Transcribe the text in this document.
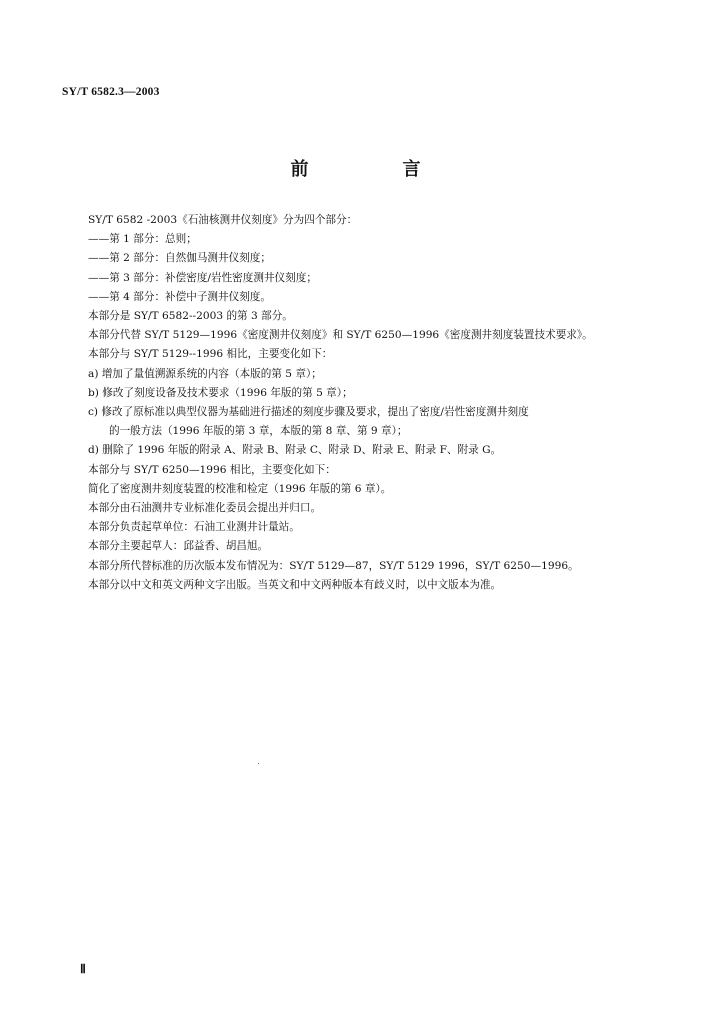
SY/T 6582.3—2003
前　言

SY/T 6582 -2003《石油核测井仪刻度》分为四个部分：

——第 1 部分：总则；

——第 2 部分：自然伽马测井仪刻度；

——第 3 部分：补偿密度/岩性密度测井仪刻度；

——第 4 部分：补偿中子测井仪刻度。

本部分是 SY/T 6582--2003 的第 3 部分。

本部分代替 SY/T 5129—1996《密度测井仪刻度》和 SY/T 6250—1996《密度测井刻度装置技术要求》。

本部分与 SY/T 5129--1996 相比，主要变化如下：

a) 增加了量值溯源系统的内容（本版的第 5 章）；

b) 修改了刻度设备及技术要求（1996 年版的第 5 章）；

c) 修改了原标准以典型仪器为基础进行描述的刻度步骤及要求，提出了密度/岩性密度测井刻度

的一般方法（1996 年版的第 3 章，本版的第 8 章、第 9 章）；

d) 删除了 1996 年版的附录 A、附录 B、附录 C、附录 D、附录 E、附录 F、附录 G。

本部分与 SY/T 6250—1996 相比，主要变化如下：

简化了密度测井刻度装置的校准和检定（1996 年版的第 6 章）。

本部分由石油测井专业标准化委员会提出并归口。

本部分负责起草单位：石油工业测井计量站。

本部分主要起草人：邱益香、胡昌旭。

本部分所代替标准的历次版本发布情况为：SY/T 5129—87，SY/T 5129 1996，SY/T 6250—1996。

本部分以中文和英文两种文字出版。当英文和中文两种版本有歧义时，以中文版本为准。

Ⅱ
